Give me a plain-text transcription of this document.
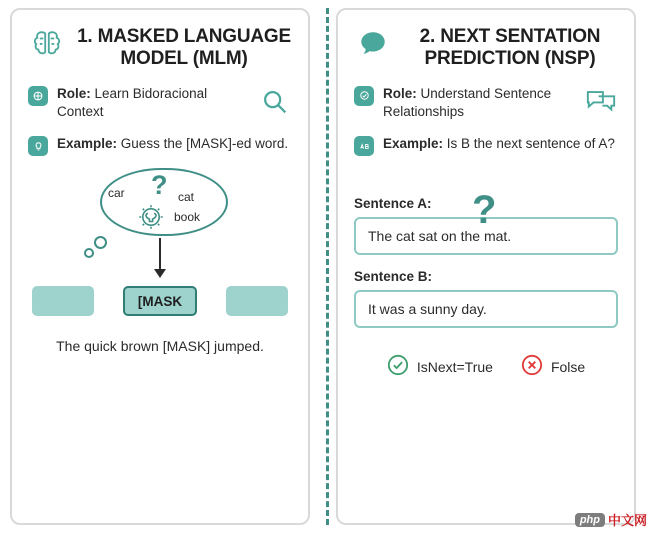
1. MASKED LANGUAGE MODEL (MLM)
Role: Learn Bidoracional Context
Example: Guess the [MASK]-ed word.
car	cat
book
?
[MASK
The quick brown [MASK] jumped.
2. NEXT SENTATION PREDICTION (NSP)
Role: Understand Sentence Relationships
Example: Is B the next sentence of A?
?
Sentence A:
The cat sat on the mat.
Sentence B:
It was a sunny day.
IsNext=True	Folse
php 中文网
